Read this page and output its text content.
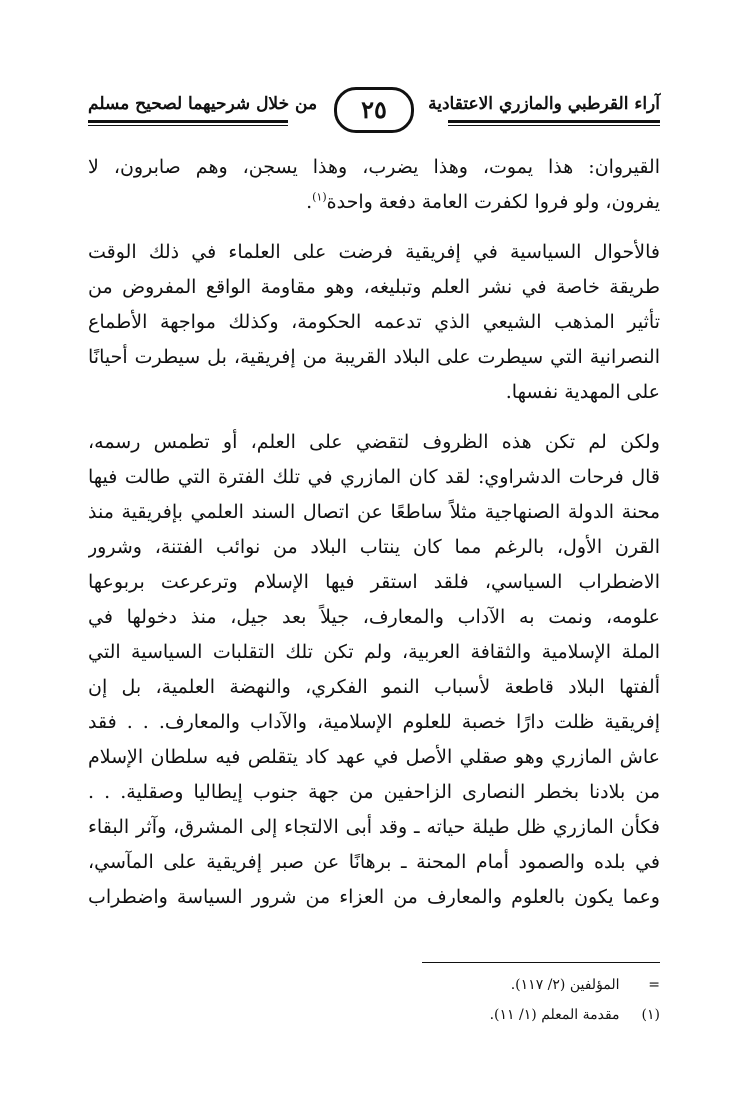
آراء القرطبي والمازري الاعتقادية
من خلال شرحيهما لصحيح مسلم	٢٥
القيروان: هذا يموت، وهذا يضرب، وهذا يسجن، وهم صابرون، لا
يفرون، ولو فروا لكفرت العامة دفعة واحدة$^{(١)}$.
فالأحوال السياسية في إفريقية فرضت على العلماء في ذلك الوقت
طريقة خاصة في نشر العلم وتبليغه، وهو مقاومة الواقع المفروض من
تأثير المذهب الشيعي الذي تدعمه الحكومة، وكذلك مواجهة الأطماع
النصرانية التي سيطرت على البلاد القريبة من إفريقية، بل سيطرت أحيانًا
على المهدية نفسها.
ولكن لم تكن هذه الظروف لتقضي على العلم، أو تطمس رسمه،
قال فرحات الدشراوي: لقد كان المازري في تلك الفترة التي طالت فيها
محنة الدولة الصنهاجية مثلاً ساطعًا عن اتصال السند العلمي بإفريقية منذ
القرن الأول، بالرغم مما كان ينتاب البلاد من نوائب الفتنة، وشرور
الاضطراب السياسي، فلقد استقر فيها الإسلام وترعرعت بربوعها
علومه، ونمت به الآداب والمعارف، جيلاً بعد جيل، منذ دخولها في
الملة الإسلامية والثقافة العربية، ولم تكن تلك التقلبات السياسية التي
ألفتها البلاد قاطعة لأسباب النمو الفكري، والنهضة العلمية، بل إن
إفريقية ظلت دارًا خصبة للعلوم الإسلامية، والآداب والمعارف. . . فقد
عاش المازري وهو صقلي الأصل في عهد كاد يتقلص فيه سلطان الإسلام
من بلادنا بخطر النصارى الزاحفين من جهة جنوب إيطاليا وصقلية. . .
فكأن المازري ظل طيلة حياته ـ وقد أبى الالتجاء إلى المشرق، وآثر البقاء
في بلده والصمود أمام المحنة ـ برهانًا عن صبر إفريقية على المآسي،
وعما يكون بالعلوم والمعارف من العزاء من شرور السياسة واضطراب
= المؤلفين (٢/ ١١٧).
(١) مقدمة المعلم (١/ ١١).
